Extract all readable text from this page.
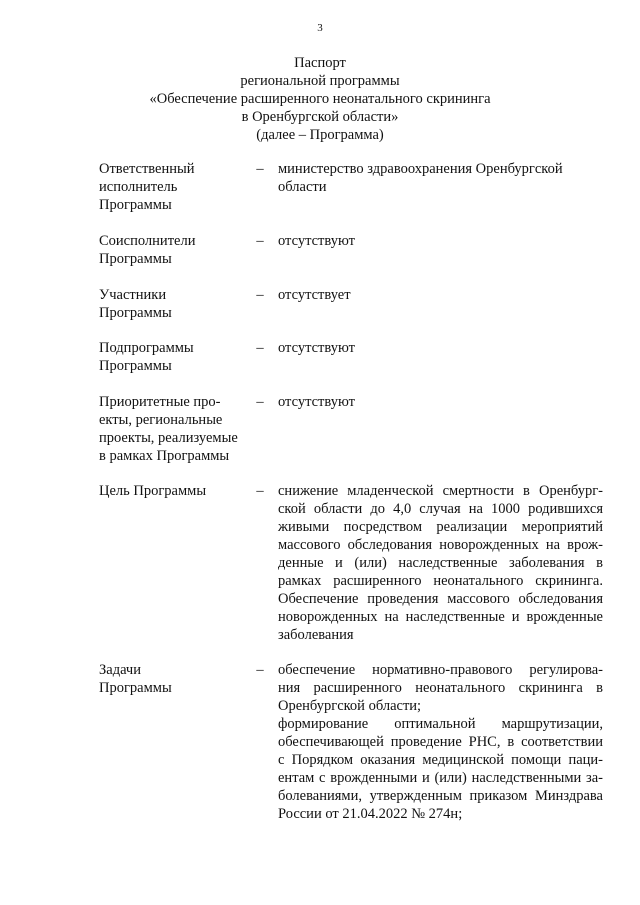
3
Паспорт
региональной программы
«Обеспечение расширенного неонатального скрининга
в Оренбургской области»
(далее – Программа)
Ответственный
исполнитель
Программы
– министерство здравоохранения Оренбургской
области
Соисполнители
Программы
– отсутствуют
Участники
Программы
– отсутствует
Подпрограммы
Программы
– отсутствуют
Приоритетные про-
екты, региональные
проекты, реализуемые
в рамках Программы
– отсутствуют
Цель Программы	– снижение младенческой смертности в Оренбург-
ской области до 4,0 случая на 1000 родившихся
живыми посредством реализации мероприятий
массового обследования новорожденных на врож-
денные и (или) наследственные заболевания в
рамках расширенного неонатального скрининга.
Обеспечение проведения массового обследования
новорожденных на наследственные и врожденные
заболевания
Задачи
Программы
– обеспечение нормативно-правового регулирова-
ния расширенного неонатального скрининга в
Оренбургской области;
формирование оптимальной маршрутизации,
обеспечивающей проведение РНС, в соответствии
с Порядком оказания медицинской помощи паци-
ентам с врожденными и (или) наследственными за-
болеваниями, утвержденным приказом Минздрава
России от 21.04.2022 № 274н;
